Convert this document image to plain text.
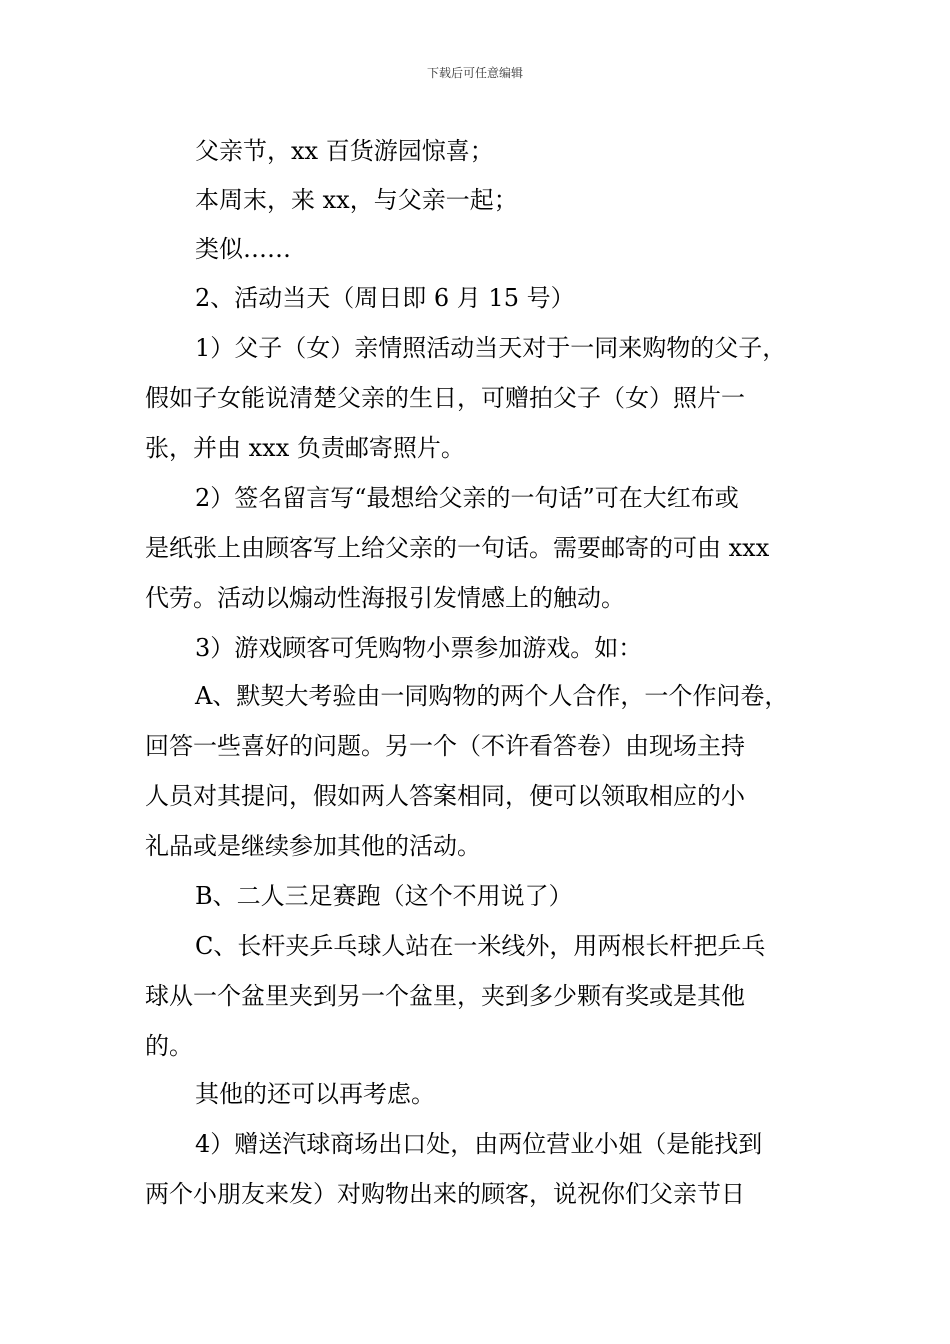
下载后可任意编辑
父亲节，xx 百货游园惊喜；
本周末，来 xx，与父亲一起；
类似……
2、活动当天（周日即 6 月 15 号）
1）父子（女）亲情照活动当天对于一同来购物的父子，
假如子女能说清楚父亲的生日，可赠拍父子（女）照片一
张，并由 xxx 负责邮寄照片。
2）签名留言写“最想给父亲的一句话”可在大红布或
是纸张上由顾客写上给父亲的一句话。需要邮寄的可由 xxx
代劳。活动以煽动性海报引发情感上的触动。
3）游戏顾客可凭购物小票参加游戏。如：
A、默契大考验由一同购物的两个人合作，一个作问卷，
回答一些喜好的问题。另一个（不许看答卷）由现场主持
人员对其提问，假如两人答案相同，便可以领取相应的小
礼品或是继续参加其他的活动。
B、二人三足赛跑（这个不用说了）
C、长杆夹乒乓球人站在一米线外，用两根长杆把乒乓
球从一个盆里夹到另一个盆里，夹到多少颗有奖或是其他
的。
其他的还可以再考虑。
4）赠送汽球商场出口处，由两位营业小姐（是能找到
两个小朋友来发）对购物出来的顾客，说祝你们父亲节日
